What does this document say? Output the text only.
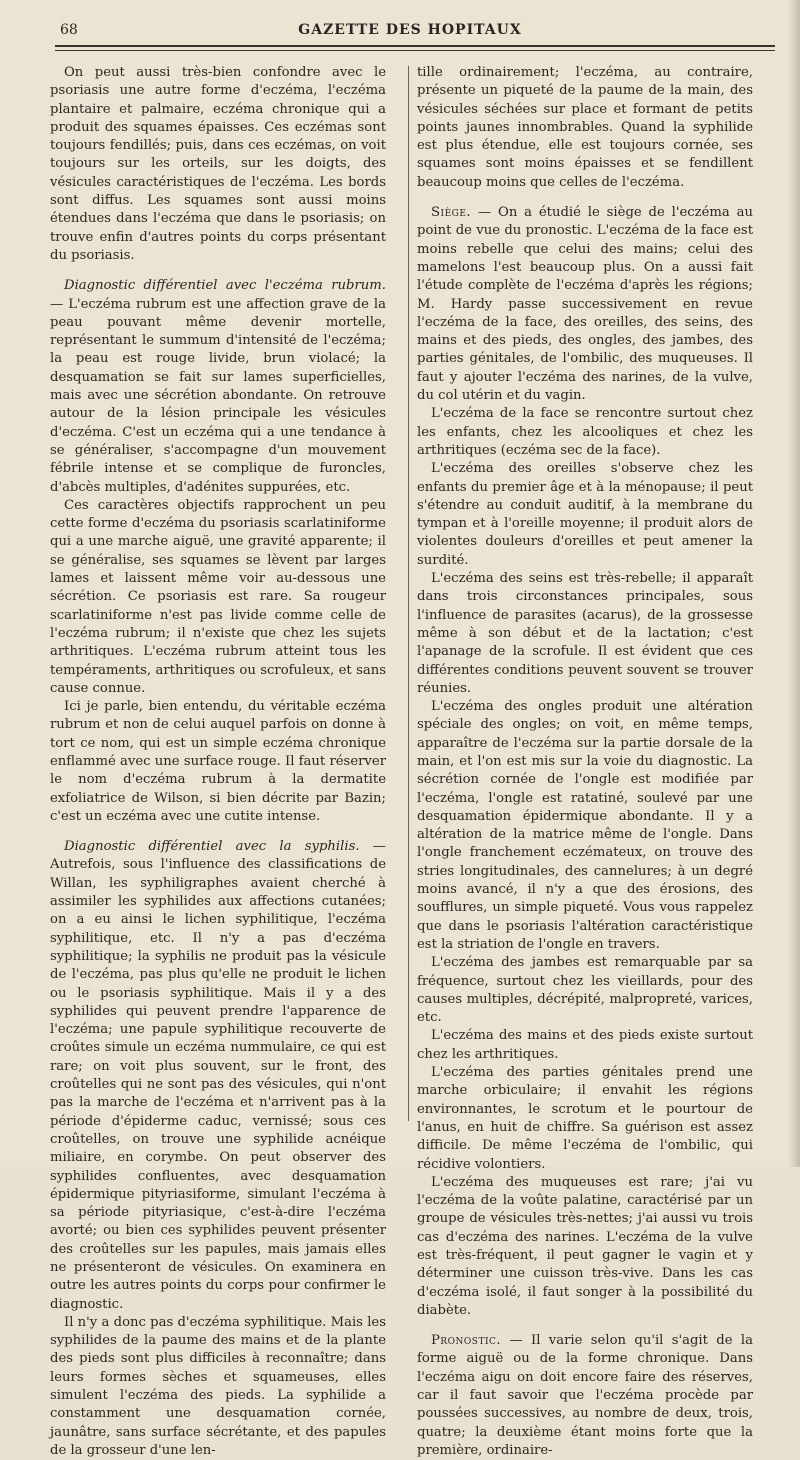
68	GAZETTE DES HOPITAUX

On peut aussi très-bien confondre avec le psoriasis une autre forme d'eczéma, l'eczéma plantaire et palmaire, eczéma chronique qui a produit des squames épaisses. Ces eczémas sont toujours fendillés; puis, dans ces eczémas, on voit toujours sur les orteils, sur les doigts, des vésicules caractéristiques de l'eczéma. Les bords sont diffus. Les squames sont aussi moins étendues dans l'eczéma que dans le psoriasis; on trouve enfin d'autres points du corps présentant du psoriasis.

Diagnostic différentiel avec l'eczéma rubrum. — L'eczéma rubrum est une affection grave de la peau pouvant même devenir mortelle, représentant le summum d'intensité de l'eczéma; la peau est rouge livide, brun violacé; la desquamation se fait sur lames superficielles, mais avec une sécrétion abondante. On retrouve autour de la lésion principale les vésicules d'eczéma. C'est un eczéma qui a une tendance à se généraliser, s'accompagne d'un mouvement fébrile intense et se complique de furoncles, d'abcès multiples, d'adénites suppurées, etc.

Ces caractères objectifs rapprochent un peu cette forme d'eczéma du psoriasis scarlatiniforme qui a une marche aiguë, une gravité apparente; il se généralise, ses squames se lèvent par larges lames et laissent même voir au-dessous une sécrétion. Ce psoriasis est rare. Sa rougeur scarlatiniforme n'est pas livide comme celle de l'eczéma rubrum; il n'existe que chez les sujets arthritiques. L'eczéma rubrum atteint tous les tempéraments, arthritiques ou scrofuleux, et sans cause connue.

Ici je parle, bien entendu, du véritable eczéma rubrum et non de celui auquel parfois on donne à tort ce nom, qui est un simple eczéma chronique enflammé avec une surface rouge. Il faut réserver le nom d'eczéma rubrum à la dermatite exfoliatrice de Wilson, si bien décrite par Bazin; c'est un eczéma avec une cutite intense.

Diagnostic différentiel avec la syphilis. — Autrefois, sous l'influence des classifications de Willan, les syphiligraphes avaient cherché à assimiler les syphilides aux affections cutanées; on a eu ainsi le lichen syphilitique, l'eczéma syphilitique, etc. Il n'y a pas d'eczéma syphilitique; la syphilis ne produit pas la vésicule de l'eczéma, pas plus qu'elle ne produit le lichen ou le psoriasis syphilitique. Mais il y a des syphilides qui peuvent prendre l'apparence de l'eczéma; une papule syphilitique recouverte de croûtes simule un eczéma nummulaire, ce qui est rare; on voit plus souvent, sur le front, des croûtelles qui ne sont pas des vésicules, qui n'ont pas la marche de l'eczéma et n'arrivent pas à la période d'épiderme caduc, vernissé; sous ces croûtelles, on trouve une syphilide acnéique miliaire, en corymbe. On peut observer des syphilides confluentes, avec desquamation épidermique pityriasiforme, simulant l'eczéma à sa période pityriasique, c'est-à-dire l'eczéma avorté; ou bien ces syphilides peuvent présenter des croûtelles sur les papules, mais jamais elles ne présenteront de vésicules. On examinera en outre les autres points du corps pour confirmer le diagnostic.

Il n'y a donc pas d'eczéma syphilitique. Mais les syphilides de la paume des mains et de la plante des pieds sont plus difficiles à reconnaître; dans leurs formes sèches et squameuses, elles simulent l'eczéma des pieds. La syphilide a constamment une desquamation cornée, jaunâtre, sans surface sécrétante, et des papules de la grosseur d'une len-

tille ordinairement; l'eczéma, au contraire, présente un piqueté de la paume de la main, des vésicules séchées sur place et formant de petits points jaunes innombrables. Quand la syphilide est plus étendue, elle est toujours cornée, ses squames sont moins épaisses et se fendillent beaucoup moins que celles de l'eczéma.

Siège. — On a étudié le siège de l'eczéma au point de vue du pronostic. L'eczéma de la face est moins rebelle que celui des mains; celui des mamelons l'est beaucoup plus. On a aussi fait l'étude complète de l'eczéma d'après les régions; M. Hardy passe successivement en revue l'eczéma de la face, des oreilles, des seins, des mains et des pieds, des ongles, des jambes, des parties génitales, de l'ombilic, des muqueuses. Il faut y ajouter l'eczéma des narines, de la vulve, du col utérin et du vagin.

L'eczéma de la face se rencontre surtout chez les enfants, chez les alcooliques et chez les arthritiques (eczéma sec de la face).

L'eczéma des oreilles s'observe chez les enfants du premier âge et à la ménopause; il peut s'étendre au conduit auditif, à la membrane du tympan et à l'oreille moyenne; il produit alors de violentes douleurs d'oreilles et peut amener la surdité.

L'eczéma des seins est très-rebelle; il apparaît dans trois circonstances principales, sous l'influence de parasites (acarus), de la grossesse même à son début et de la lactation; c'est l'apanage de la scrofule. Il est évident que ces différentes conditions peuvent souvent se trouver réunies.

L'eczéma des ongles produit une altération spéciale des ongles; on voit, en même temps, apparaître de l'eczéma sur la partie dorsale de la main, et l'on est mis sur la voie du diagnostic. La sécrétion cornée de l'ongle est modifiée par l'eczéma, l'ongle est ratatiné, soulevé par une desquamation épidermique abondante. Il y a altération de la matrice même de l'ongle. Dans l'ongle franchement eczémateux, on trouve des stries longitudinales, des cannelures; à un degré moins avancé, il n'y a que des érosions, des soufflures, un simple piqueté. Vous vous rappelez que dans le psoriasis l'altération caractéristique est la striation de l'ongle en travers.

L'eczéma des jambes est remarquable par sa fréquence, surtout chez les vieillards, pour des causes multiples, décrépité, malpropreté, varices, etc.

L'eczéma des mains et des pieds existe surtout chez les arthritiques.

L'eczéma des parties génitales prend une marche orbiculaire; il envahit les régions environnantes, le scrotum et le pourtour de l'anus, en huit de chiffre. Sa guérison est assez difficile. De même l'eczéma de l'ombilic, qui récidive volontiers.

L'eczéma des muqueuses est rare; j'ai vu l'eczéma de la voûte palatine, caractérisé par un groupe de vésicules très-nettes; j'ai aussi vu trois cas d'eczéma des narines. L'eczéma de la vulve est très-fréquent, il peut gagner le vagin et y déterminer une cuisson très-vive. Dans les cas d'eczéma isolé, il faut songer à la possibilité du diabète.

Pronostic. — Il varie selon qu'il s'agit de la forme aiguë ou de la forme chronique. Dans l'eczéma aigu on doit encore faire des réserves, car il faut savoir que l'eczéma procède par poussées successives, au nombre de deux, trois, quatre; la deuxième étant moins forte que la première, ordinaire-
